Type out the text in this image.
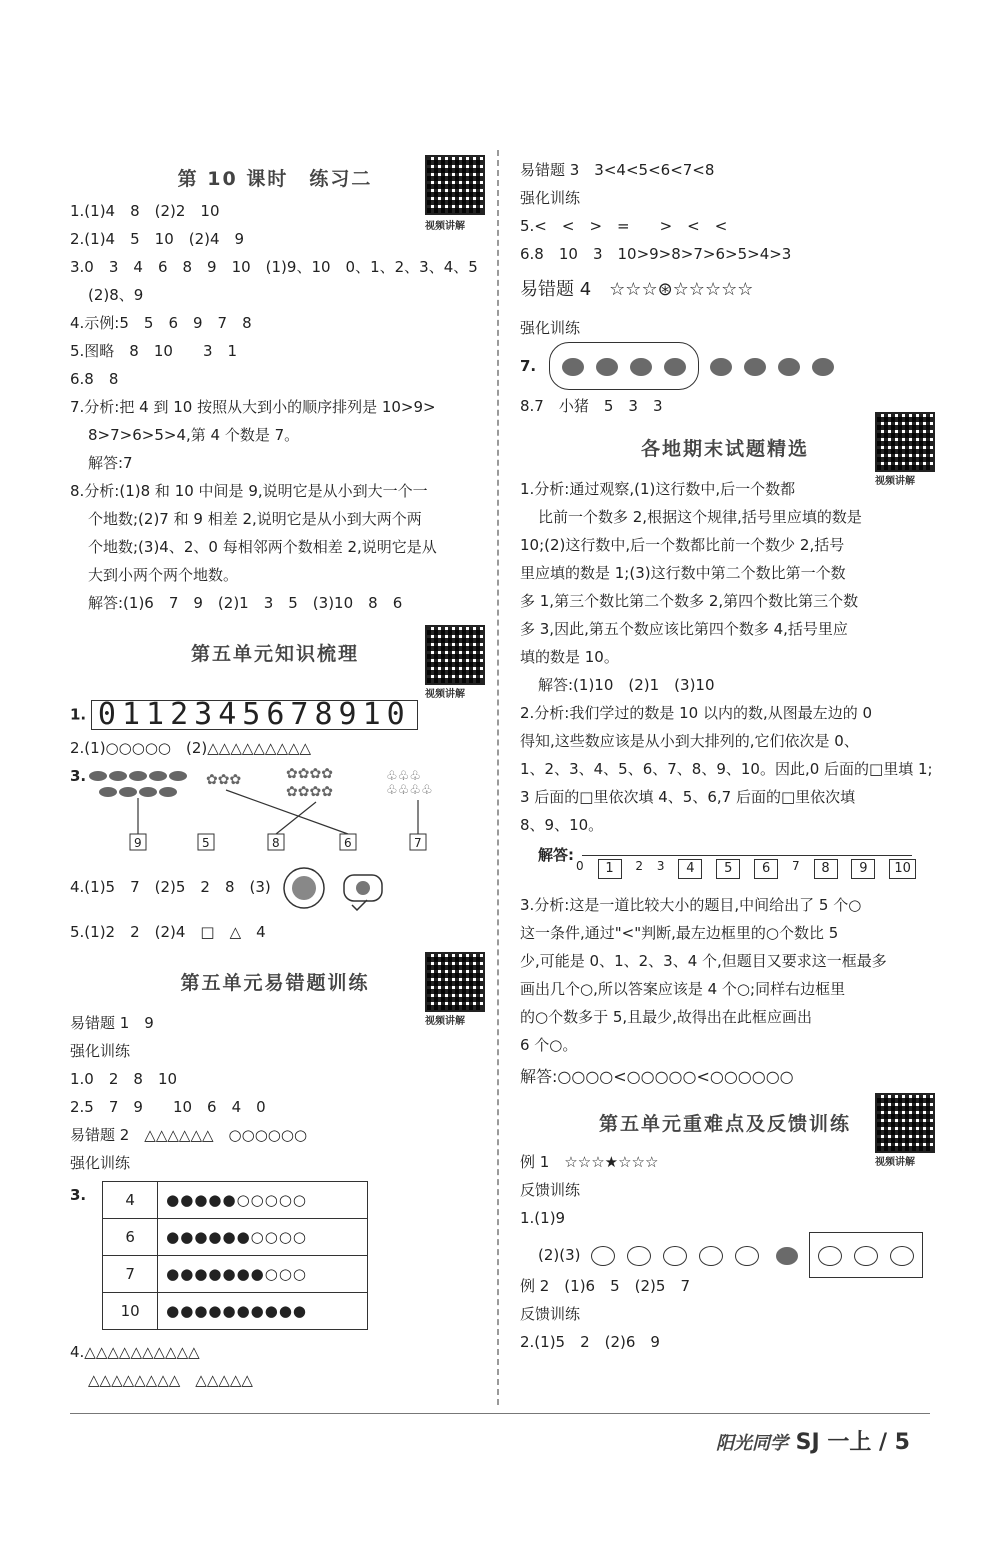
第 10 课时　练习二
视频讲解
1.(1)4　8　(2)2　10
2.(1)4　5　10　(2)4　9
3.0　3　4　6　8　9　10　(1)9、10　0、1、2、3、4、5
(2)8、9
4.示例:5　5　6　9　7　8
5.图略　8　10　　3　1
6.8　8
7.分析:把 4 到 10 按照从大到小的顺序排列是 10>9>
8>7>6>5>4,第 4 个数是 7。
解答:7
8.分析:(1)8 和 10 中间是 9,说明它是从小到大一个一
个地数;(2)7 和 9 相差 2,说明它是从小到大两个两
个地数;(3)4、2、0 每相邻两个数相差 2,说明它是从
大到小两个两个地数。
解答:(1)6　7　9　(2)1　3　5　(3)10　8　6
第五单元知识梳理
视频讲解
1. 0112345678910
2.(1)○○○○○　(2)△△△△△△△△△
3.	✿✿✿	✿✿✿✿
✿✿✿✿
♧♧♧
♧♧♧♧
9	5	8	6	7
4.(1)5　7　(2)5　2　8　(3)
5.(1)2　2　(2)4　□　△　4
第五单元易错题训练
视频讲解
易错题 1　9
强化训练
1.0　2　8　10
2.5　7　9　　10　6　4　0
易错题 2　△△△△△△　○○○○○○
强化训练
3.	4	●●●●●○○○○○
6	●●●●●●○○○○
7	●●●●●●●○○○
10	●●●●●●●●●●
4.△△△△△△△△△△
△△△△△△△△　△△△△△
易错题 3　3<4<5<6<7<8
强化训练
5.<　<　>　=　　>　<　<
6.8　10　3　10>9>8>7>6>5>4>3
易错题 4　☆☆☆⊛☆☆☆☆☆
强化训练
7.
8.7　小猪　5　3　3
各地期末试题精选
视频讲解
1.分析:通过观察,(1)这行数中,后一个数都
比前一个数多 2,根据这个规律,括号里应填的数是
10;(2)这行数中,后一个数都比前一个数少 2,括号
里应填的数是 1;(3)这行数中第二个数比第一个数
多 1,第三个数比第二个数多 2,第四个数比第三个数
多 3,因此,第五个数应该比第四个数多 4,括号里应
填的数是 10。
解答:(1)10　(2)1　(3)10
2.分析:我们学过的数是 10 以内的数,从图最左边的 0
得知,这些数应该是从小到大排列的,它们依次是 0、
1、2、3、4、5、6、7、8、9、10。因此,0 后面的□里填 1;
3 后面的□里依次填 4、5、6,7 后面的□里依次填
8、9、10。
解答:
0	1	2 3	4	5	6	7	8	9	10
3.分析:这是一道比较大小的题目,中间给出了 5 个○
这一条件,通过"<"判断,最左边框里的○个数比 5
少,可能是 0、1、2、3、4 个,但题目又要求这一框最多
画出几个○,所以答案应该是 4 个○;同样右边框里
的○个数多于 5,且最少,故得出在此框应画出
6 个○。
解答:○○○○<○○○○○<○○○○○○
第五单元重难点及反馈训练
视频讲解
例 1　☆☆☆★☆☆☆
反馈训练
1.(1)9
(2)(3)
例 2　(1)6　5　(2)5　7
反馈训练
2.(1)5　2　(2)6　9
阳光同学 SJ 一上 / 5
